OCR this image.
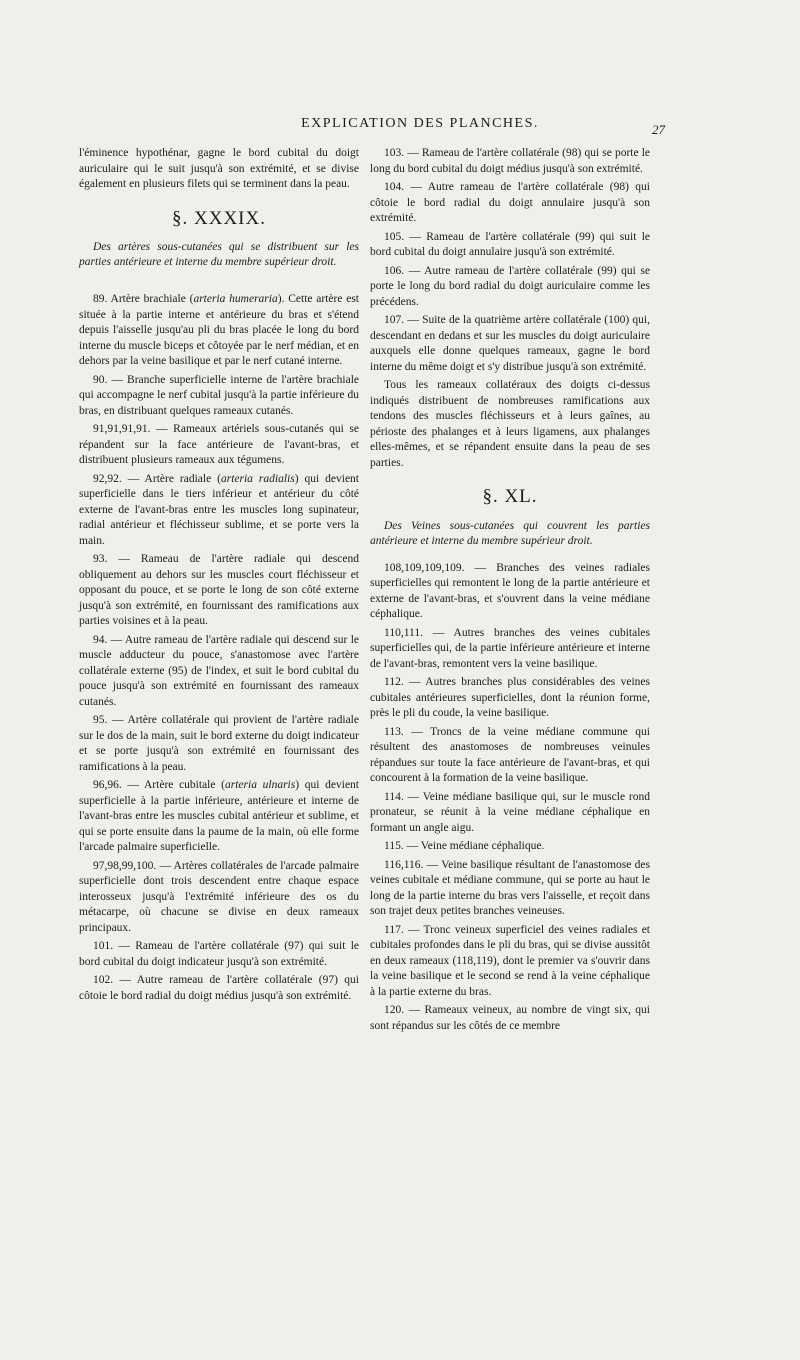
EXPLICATION DES PLANCHES.	27

l'éminence hypothénar, gagne le bord cubital du doigt auriculaire qui le suit jusqu'à son extrémité, et se divise également en plusieurs filets qui se terminent dans la peau.

§. XXXIX.
Des artères sous-cutanées qui se distribuent sur les parties antérieure et interne du membre supérieur droit.

89. Artère brachiale (arteria humeraria). Cette artère est située à la partie interne et antérieure du bras et s'étend depuis l'aisselle jusqu'au pli du bras placée le long du bord interne du muscle biceps et côtoyée par le nerf médian, et en dehors par la veine basilique et par le nerf cutané interne.

90. — Branche superficielle interne de l'artère brachiale qui accompagne le nerf cubital jusqu'à la partie inférieure du bras, en distribuant quelques rameaux cutanés.

91,91,91,91. — Rameaux artériels sous-cutanés qui se répandent sur la face antérieure de l'avant-bras, et distribuent plusieurs rameaux aux tégumens.

92,92. — Artère radiale (arteria radialis) qui devient superficielle dans le tiers inférieur et antérieur du côté externe de l'avant-bras entre les muscles long supinateur, radial antérieur et fléchisseur sublime, et se porte vers la main.

93. — Rameau de l'artère radiale qui descend obliquement au dehors sur les muscles court fléchisseur et opposant du pouce, et se porte le long de son côté externe jusqu'à son extrémité, en fournissant des ramifications aux parties voisines et à la peau.

94. — Autre rameau de l'artère radiale qui descend sur le muscle adducteur du pouce, s'anastomose avec l'artère collatérale externe (95) de l'index, et suit le bord cubital du pouce jusqu'à son extrémité en fournissant des rameaux cutanés.

95. — Artère collatérale qui provient de l'artère radiale sur le dos de la main, suit le bord externe du doigt indicateur et se porte jusqu'à son extrémité en fournissant des ramifications à la peau.

96,96. — Artère cubitale (arteria ulnaris) qui devient superficielle à la partie inférieure, antérieure et interne de l'avant-bras entre les muscles cubital antérieur et sublime, et qui se porte ensuite dans la paume de la main, où elle forme l'arcade palmaire superficielle.

97,98,99,100. — Artères collatérales de l'arcade palmaire superficielle dont trois descendent entre chaque espace interosseux jusqu'à l'extrémité inférieure des os du métacarpe, où chacune se divise en deux rameaux principaux.

101. — Rameau de l'artère collatérale (97) qui suit le bord cubital du doigt indicateur jusqu'à son extrémité.

102. — Autre rameau de l'artère collatérale (97) qui côtoie le bord radial du doigt médius jusqu'à son extrémité.

103. — Rameau de l'artère collatérale (98) qui se porte le long du bord cubital du doigt médius jusqu'à son extrémité.

104. — Autre rameau de l'artère collatérale (98) qui côtoie le bord radial du doigt annulaire jusqu'à son extrémité.

105. — Rameau de l'artère collatérale (99) qui suit le bord cubital du doigt annulaire jusqu'à son extrémité.

106. — Autre rameau de l'artère collatérale (99) qui se porte le long du bord radial du doigt auriculaire comme les précédens.

107. — Suite de la quatrième artère collatérale (100) qui, descendant en dedans et sur les muscles du doigt auriculaire auxquels elle donne quelques rameaux, gagne le bord interne du même doigt et s'y distribue jusqu'à son extrémité.

Tous les rameaux collatéraux des doigts ci-dessus indiqués distribuent de nombreuses ramifications aux tendons des muscles fléchisseurs et à leurs gaînes, au périoste des phalanges et à leurs ligamens, aux phalanges elles-mêmes, et se répandent ensuite dans la peau de ses parties.

§. XL.
Des Veines sous-cutanées qui couvrent les parties antérieure et interne du membre supérieur droit.

108,109,109,109. — Branches des veines radiales superficielles qui remontent le long de la partie antérieure et externe de l'avant-bras, et s'ouvrent dans la veine médiane céphalique.

110,111. — Autres branches des veines cubitales superficielles qui, de la partie inférieure antérieure et interne de l'avant-bras, remontent vers la veine basilique.

112. — Autres branches plus considérables des veines cubitales antérieures superficielles, dont la réunion forme, près le pli du coude, la veine basilique.

113. — Troncs de la veine médiane commune qui résultent des anastomoses de nombreuses veinules répandues sur toute la face antérieure de l'avant-bras, et qui concourent à la formation de la veine basilique.

114. — Veine médiane basilique qui, sur le muscle rond pronateur, se réunit à la veine médiane céphalique en formant un angle aigu.

115. — Veine médiane céphalique.

116,116. — Veine basilique résultant de l'anastomose des veines cubitale et médiane commune, qui se porte au haut le long de la partie interne du bras vers l'aisselle, et reçoit dans son trajet deux petites branches veineuses.

117. — Tronc veineux superficiel des veines radiales et cubitales profondes dans le pli du bras, qui se divise aussitôt en deux rameaux (118,119), dont le premier va s'ouvrir dans la veine basilique et le second se rend à la veine céphalique à la partie externe du bras.

120. — Rameaux veineux, au nombre de vingt six, qui sont répandus sur les côtés de ce membre
